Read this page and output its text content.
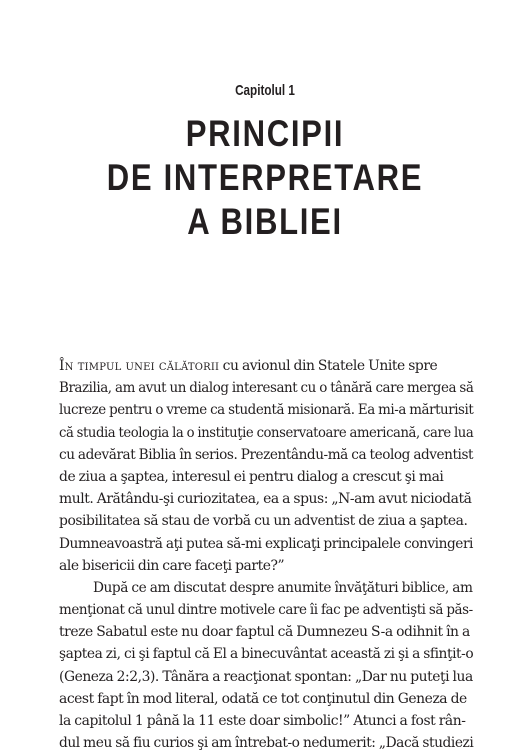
Capitolul 1
PRINCIPII
DE INTERPRETARE
A BIBLIEI
În timpul unei călătorii cu avionul din Statele Unite spre
Brazilia, am avut un dialog interesant cu o tânără care mergea să
lucreze pentru o vreme ca studentă misionară. Ea mi-a mărturisit
că studia teologia la o instituţie conservatoare americană, care lua
cu adevărat Biblia în serios. Prezentându-mă ca teolog adventist
de ziua a şaptea, interesul ei pentru dialog a crescut şi mai
mult. Arătându-şi curiozitatea, ea a spus: „N-am avut niciodată
posibilitatea să stau de vorbă cu un adventist de ziua a şaptea.
Dumneavoastră aţi putea să-mi explicaţi principalele convingeri
ale bisericii din care faceţi parte?”
După ce am discutat despre anumite învăţături biblice, am
menţionat că unul dintre motivele care îi fac pe adventişti să păs-
treze Sabatul este nu doar faptul că Dumnezeu S-a odihnit în a
şaptea zi, ci şi faptul că El a binecuvântat această zi şi a sfinţit-o
(Geneza 2:2,3). Tânăra a reacţionat spontan: „Dar nu puteţi lua
acest fapt în mod literal, odată ce tot conţinutul din Geneza de
la capitolul 1 până la 11 este doar simbolic!” Atunci a fost rân-
dul meu să fiu curios şi am întrebat-o nedumerit: „Dacă studiezi
